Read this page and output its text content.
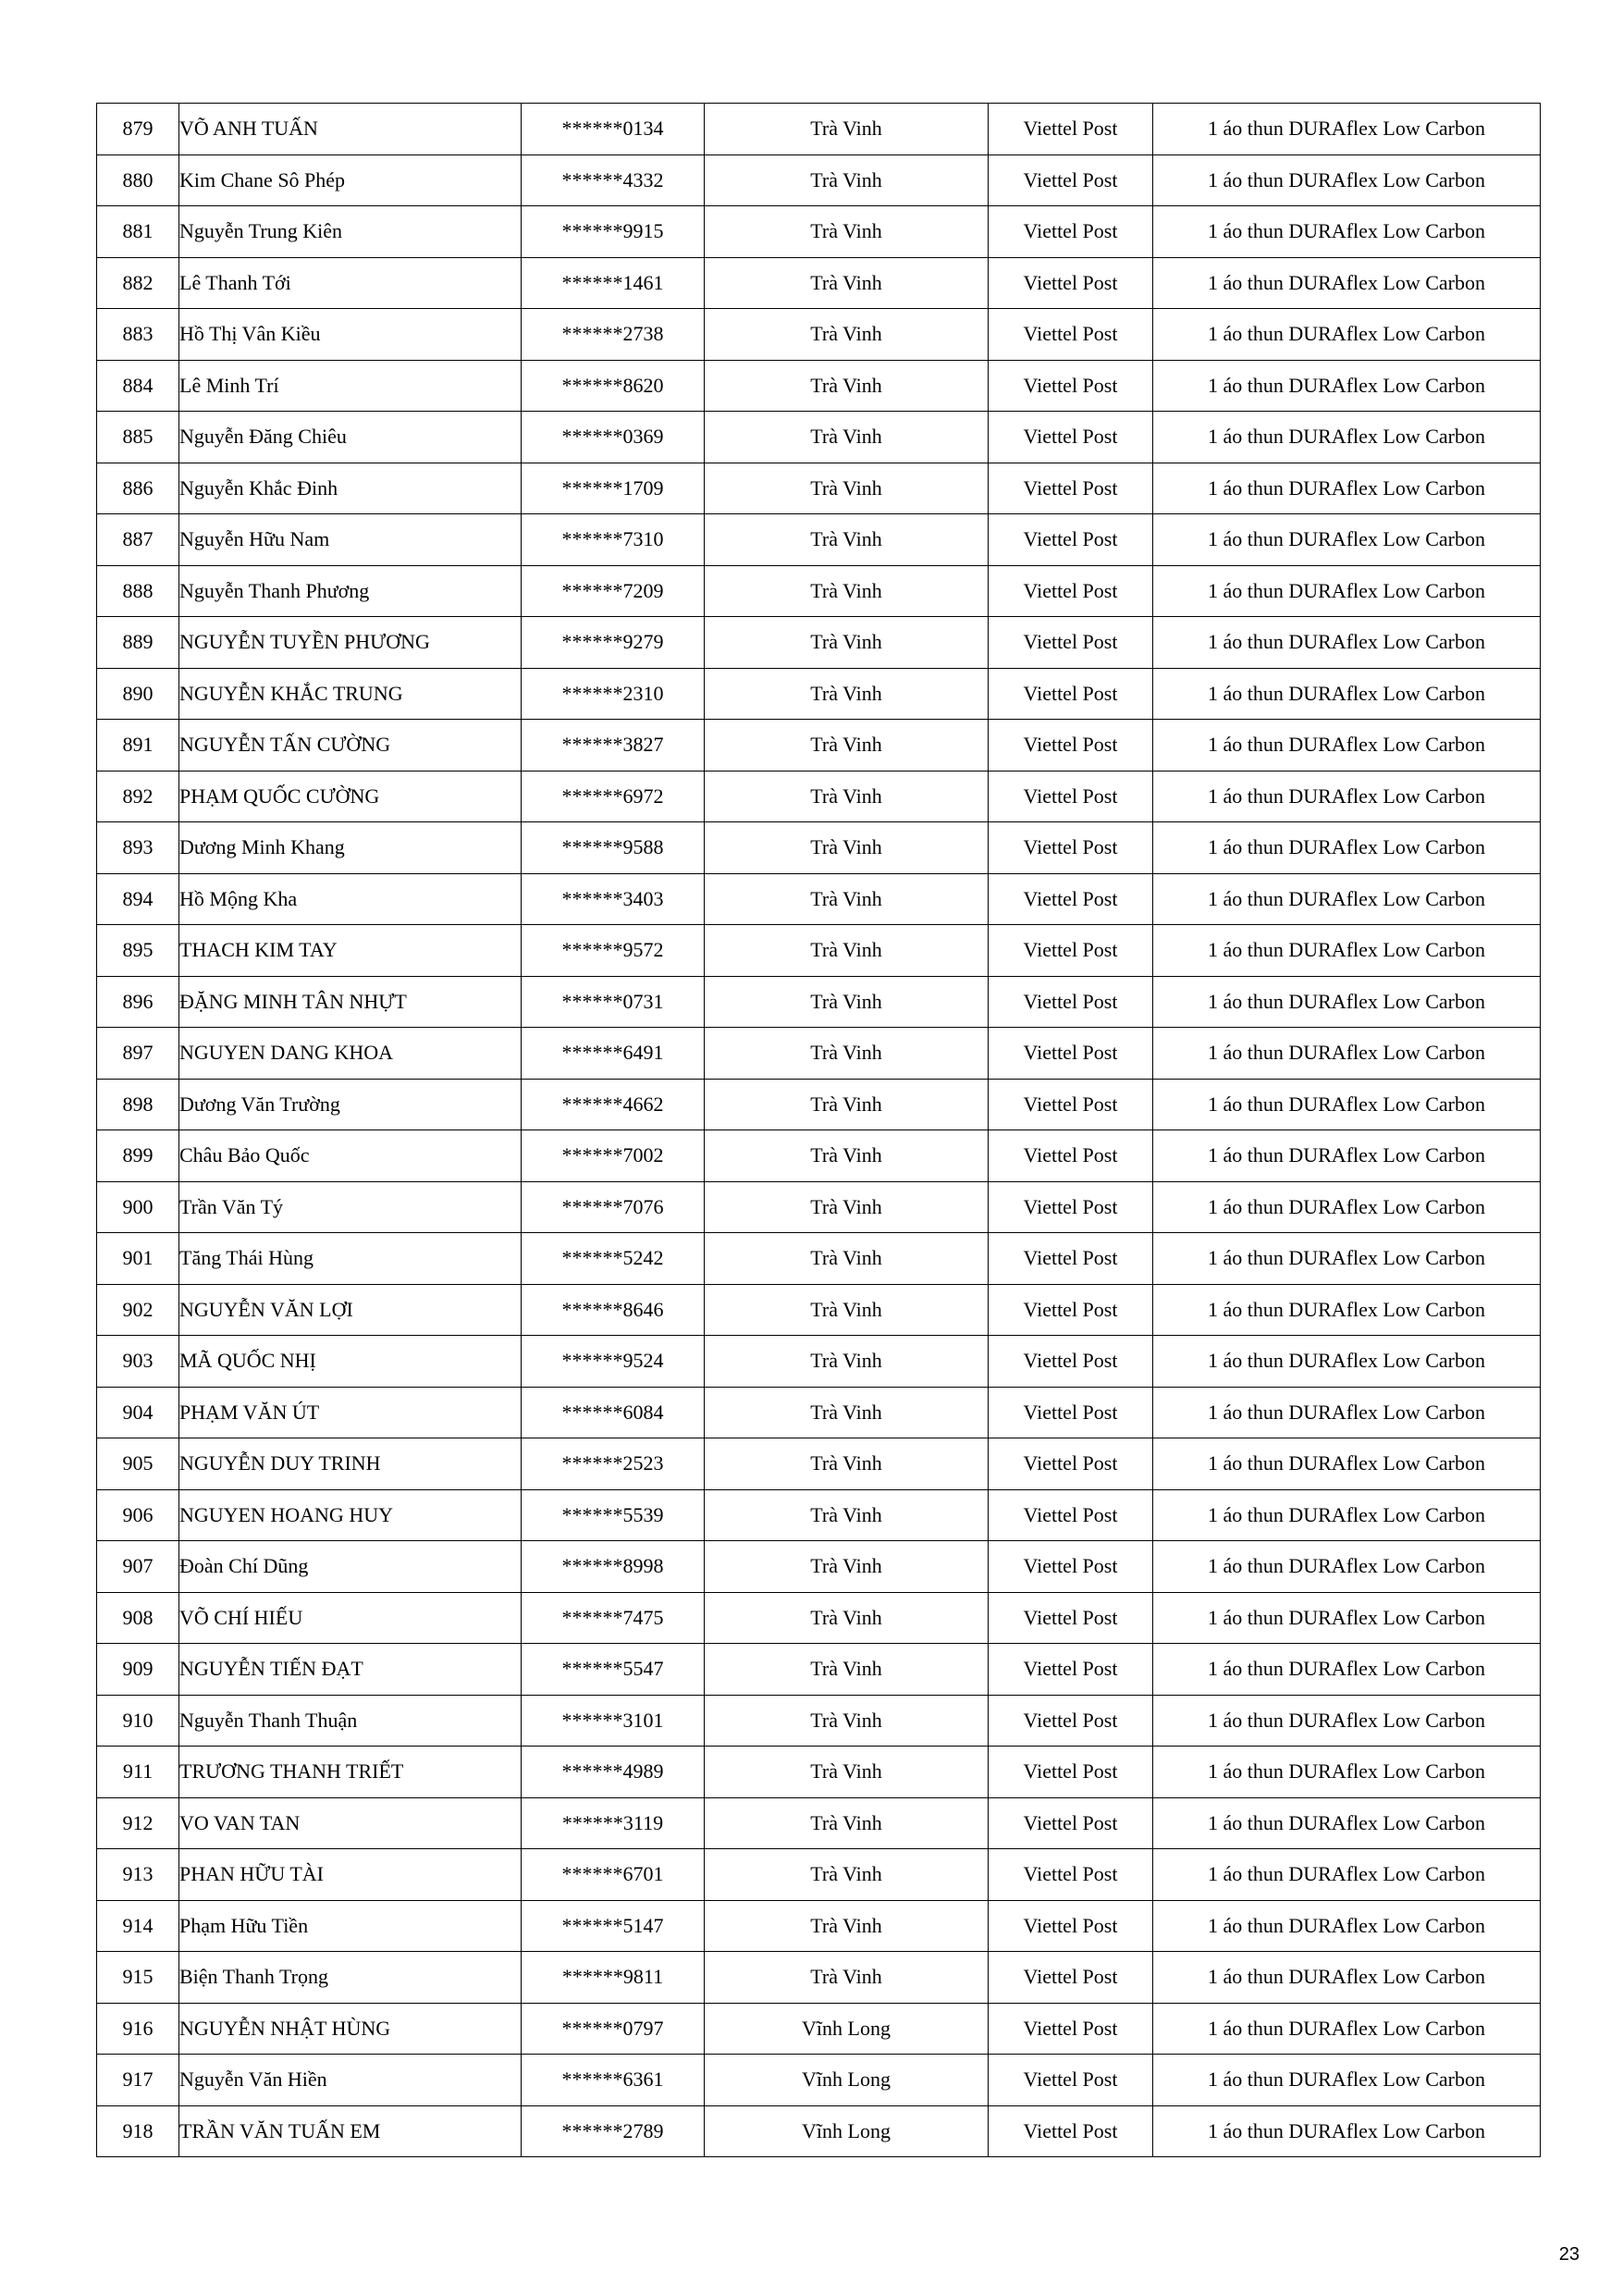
879	VÕ ANH TUẤN	******0134	Trà Vinh	Viettel Post	1 áo thun DURAflex Low Carbon
880	Kim Chane Sô Phép	******4332	Trà Vinh	Viettel Post	1 áo thun DURAflex Low Carbon
881	Nguyễn Trung Kiên	******9915	Trà Vinh	Viettel Post	1 áo thun DURAflex Low Carbon
882	Lê Thanh Tới	******1461	Trà Vinh	Viettel Post	1 áo thun DURAflex Low Carbon
883	Hồ Thị Vân Kiều	******2738	Trà Vinh	Viettel Post	1 áo thun DURAflex Low Carbon
884	Lê Minh Trí	******8620	Trà Vinh	Viettel Post	1 áo thun DURAflex Low Carbon
885	Nguyễn Đăng Chiêu	******0369	Trà Vinh	Viettel Post	1 áo thun DURAflex Low Carbon
886	Nguyễn Khắc Đinh	******1709	Trà Vinh	Viettel Post	1 áo thun DURAflex Low Carbon
887	Nguyễn Hữu Nam	******7310	Trà Vinh	Viettel Post	1 áo thun DURAflex Low Carbon
888	Nguyễn Thanh Phương	******7209	Trà Vinh	Viettel Post	1 áo thun DURAflex Low Carbon
889	NGUYỄN TUYỀN PHƯƠNG	******9279	Trà Vinh	Viettel Post	1 áo thun DURAflex Low Carbon
890	NGUYỄN KHẮC TRUNG	******2310	Trà Vinh	Viettel Post	1 áo thun DURAflex Low Carbon
891	NGUYỄN TẤN CƯỜNG	******3827	Trà Vinh	Viettel Post	1 áo thun DURAflex Low Carbon
892	PHẠM QUỐC CƯỜNG	******6972	Trà Vinh	Viettel Post	1 áo thun DURAflex Low Carbon
893	Dương Minh Khang	******9588	Trà Vinh	Viettel Post	1 áo thun DURAflex Low Carbon
894	Hồ Mộng Kha	******3403	Trà Vinh	Viettel Post	1 áo thun DURAflex Low Carbon
895	THACH KIM TAY	******9572	Trà Vinh	Viettel Post	1 áo thun DURAflex Low Carbon
896	ĐẶNG MINH TÂN NHỰT	******0731	Trà Vinh	Viettel Post	1 áo thun DURAflex Low Carbon
897	NGUYEN DANG KHOA	******6491	Trà Vinh	Viettel Post	1 áo thun DURAflex Low Carbon
898	Dương Văn Trường	******4662	Trà Vinh	Viettel Post	1 áo thun DURAflex Low Carbon
899	Châu Bảo Quốc	******7002	Trà Vinh	Viettel Post	1 áo thun DURAflex Low Carbon
900	Trần Văn Tý	******7076	Trà Vinh	Viettel Post	1 áo thun DURAflex Low Carbon
901	Tăng Thái Hùng	******5242	Trà Vinh	Viettel Post	1 áo thun DURAflex Low Carbon
902	NGUYỄN VĂN LỢI	******8646	Trà Vinh	Viettel Post	1 áo thun DURAflex Low Carbon
903	MÃ QUỐC NHỊ	******9524	Trà Vinh	Viettel Post	1 áo thun DURAflex Low Carbon
904	PHẠM VĂN ÚT	******6084	Trà Vinh	Viettel Post	1 áo thun DURAflex Low Carbon
905	NGUYỄN DUY TRINH	******2523	Trà Vinh	Viettel Post	1 áo thun DURAflex Low Carbon
906	NGUYEN HOANG HUY	******5539	Trà Vinh	Viettel Post	1 áo thun DURAflex Low Carbon
907	Đoàn Chí Dũng	******8998	Trà Vinh	Viettel Post	1 áo thun DURAflex Low Carbon
908	VÕ CHÍ HIẾU	******7475	Trà Vinh	Viettel Post	1 áo thun DURAflex Low Carbon
909	NGUYỄN TIẾN ĐẠT	******5547	Trà Vinh	Viettel Post	1 áo thun DURAflex Low Carbon
910	Nguyễn Thanh Thuận	******3101	Trà Vinh	Viettel Post	1 áo thun DURAflex Low Carbon
911	TRƯƠNG THANH TRIẾT	******4989	Trà Vinh	Viettel Post	1 áo thun DURAflex Low Carbon
912	VO VAN TAN	******3119	Trà Vinh	Viettel Post	1 áo thun DURAflex Low Carbon
913	PHAN HỮU TÀI	******6701	Trà Vinh	Viettel Post	1 áo thun DURAflex Low Carbon
914	Phạm Hữu Tiền	******5147	Trà Vinh	Viettel Post	1 áo thun DURAflex Low Carbon
915	Biện Thanh Trọng	******9811	Trà Vinh	Viettel Post	1 áo thun DURAflex Low Carbon
916	NGUYỄN NHẬT HÙNG	******0797	Vĩnh Long	Viettel Post	1 áo thun DURAflex Low Carbon
917	Nguyễn Văn Hiền	******6361	Vĩnh Long	Viettel Post	1 áo thun DURAflex Low Carbon
918	TRẦN VĂN TUẤN EM	******2789	Vĩnh Long	Viettel Post	1 áo thun DURAflex Low Carbon
23
